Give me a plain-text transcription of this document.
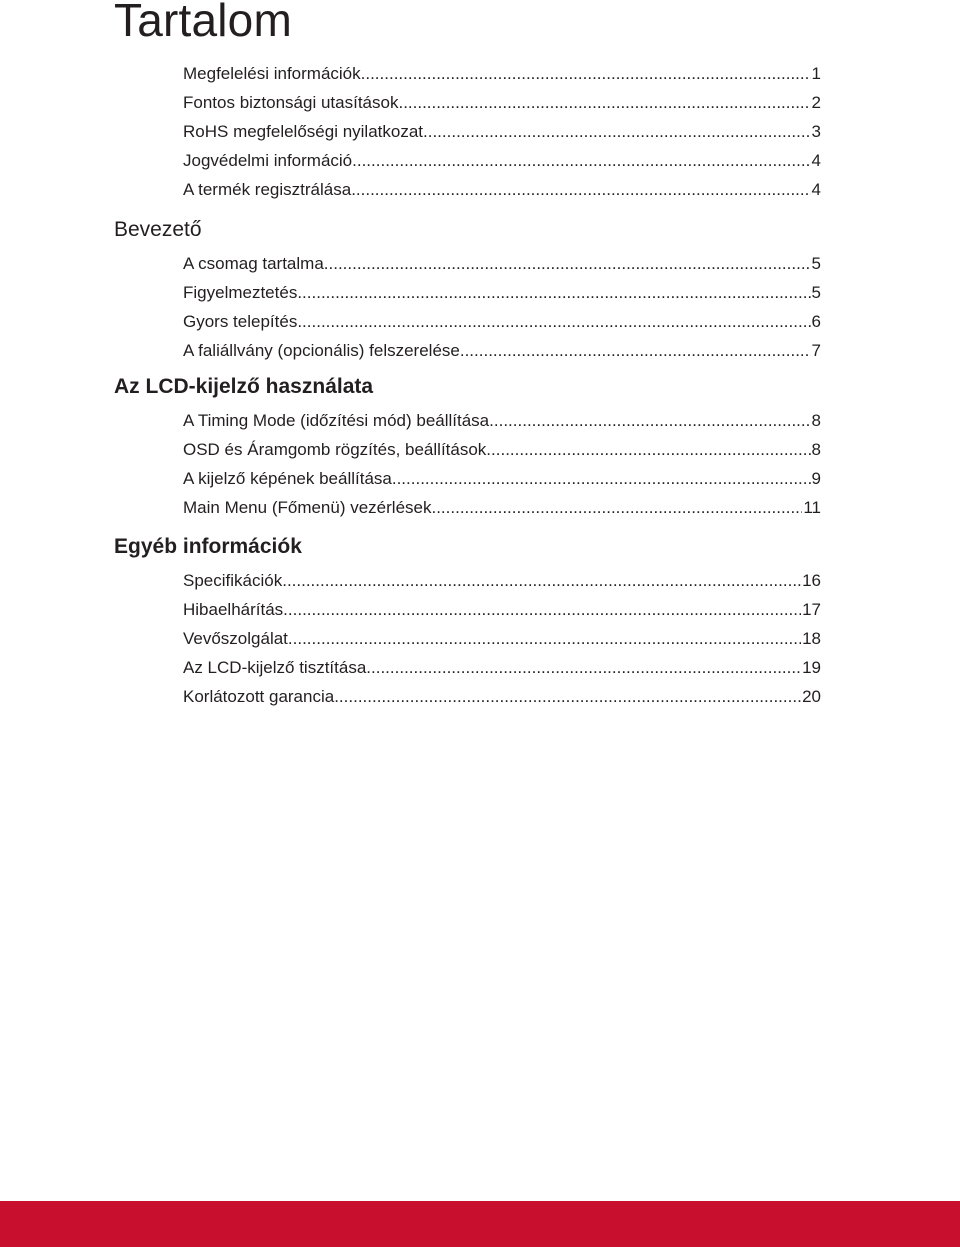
Tartalom
Megfelelési információk .....	1
Fontos biztonsági utasítások .....	2
RoHS megfelelőségi nyilatkozat .....	3
Jogvédelmi információ .....	4
A termék regisztrálása .....	4
Bevezető
A csomag tartalma .....	5
Figyelmeztetés .....	5
Gyors telepítés .....	6
A faliállvány (opcionális) felszerelése .....	7
Az LCD-kijelző használata
A Timing Mode (időzítési mód) beállítása .....	8
OSD és Áramgomb rögzítés, beállítások .....	8
A kijelző képének beállítása .....	9
Main Menu (Főmenü) vezérlések .....	11
Egyéb információk
Specifikációk .....	16
Hibaelhárítás .....	17
Vevőszolgálat .....	18
Az LCD-kijelző tisztítása .....	19
Korlátozott garancia .....	20
